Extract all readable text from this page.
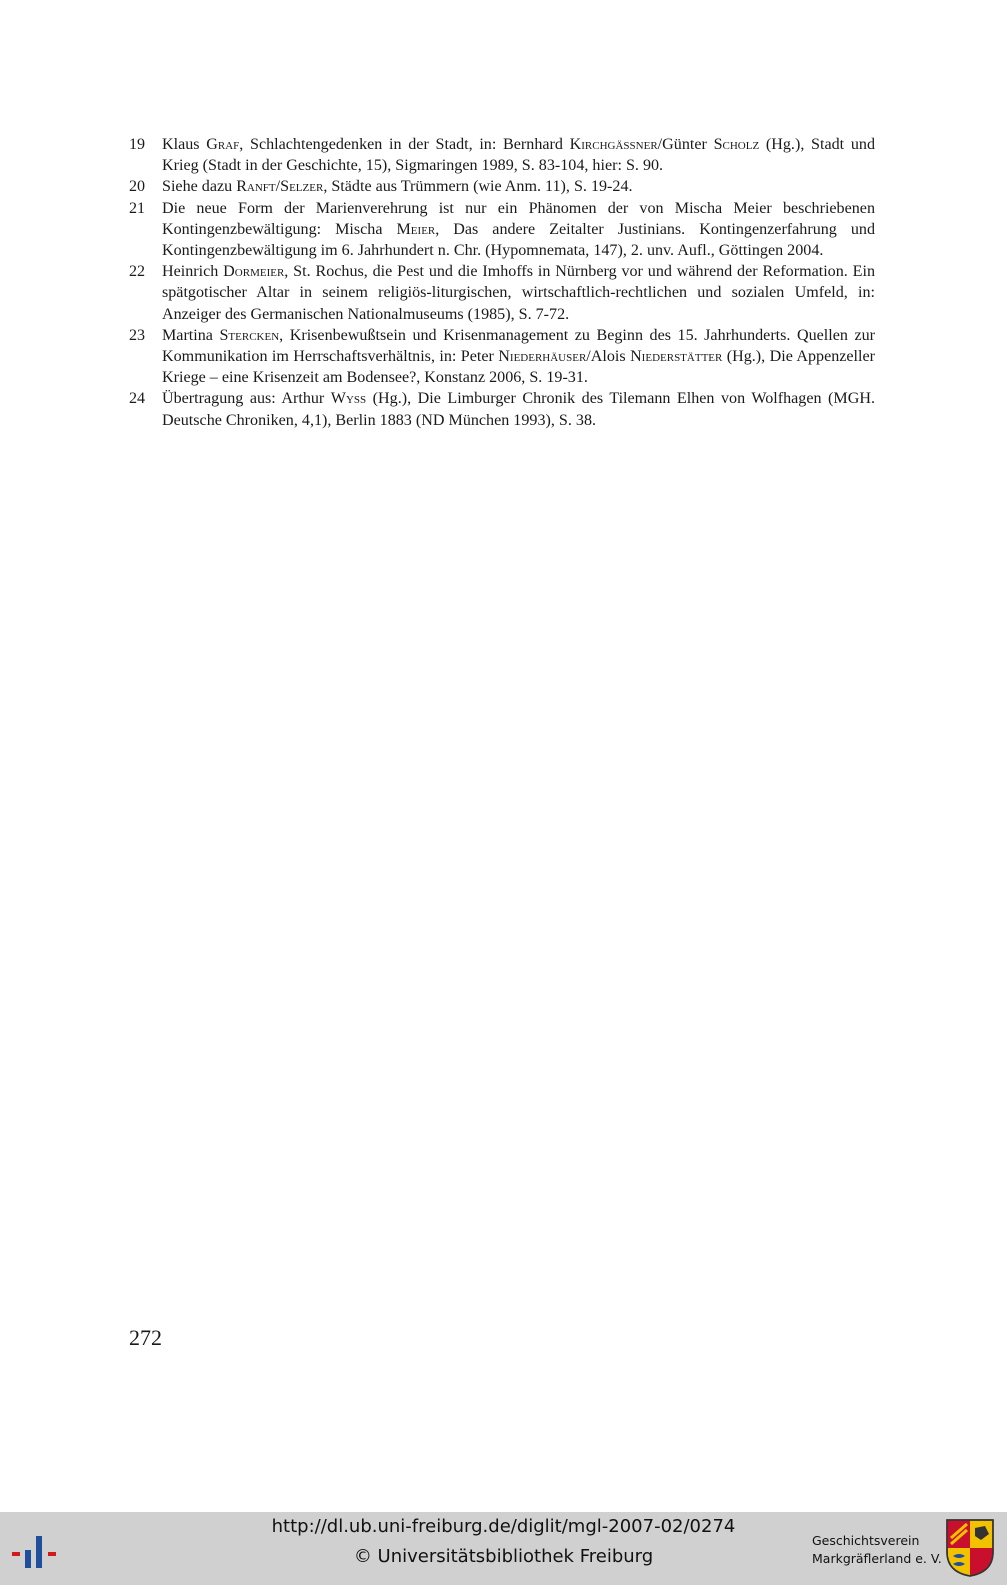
19	Klaus Graf, Schlachtengedenken in der Stadt, in: Bernhard Kirchgässner/Günter Scholz (Hg.), Stadt und Krieg (Stadt in der Geschichte, 15), Sigmaringen 1989, S. 83-104, hier: S. 90.
20	Siehe dazu Ranft/Selzer, Städte aus Trümmern (wie Anm. 11), S. 19-24.
21	Die neue Form der Marienverehrung ist nur ein Phänomen der von Mischa Meier beschriebenen Kontingenzbewältigung: Mischa Meier, Das andere Zeitalter Justinians. Kontingenzerfahrung und Kontingenzbewältigung im 6. Jahrhundert n. Chr. (Hypomnemata, 147), 2. unv. Aufl., Göttingen 2004.
22	Heinrich Dormeier, St. Rochus, die Pest und die Imhoffs in Nürnberg vor und während der Reformation. Ein spätgotischer Altar in seinem religiös-liturgischen, wirtschaftlich-rechtlichen und sozialen Umfeld, in: Anzeiger des Germanischen Nationalmuseums (1985), S. 7-72.
23	Martina Stercken, Krisenbewußtsein und Krisenmanagement zu Beginn des 15. Jahrhunderts. Quellen zur Kommunikation im Herrschaftsverhältnis, in: Peter Niederhäuser/Alois Niederstätter (Hg.), Die Appenzeller Kriege – eine Krisenzeit am Bodensee?, Konstanz 2006, S. 19-31.
24	Übertragung aus: Arthur Wyss (Hg.), Die Limburger Chronik des Tilemann Elhen von Wolfhagen (MGH. Deutsche Chroniken, 4,1), Berlin 1883 (ND München 1993), S. 38.
272
http://dl.ub.uni-freiburg.de/diglit/mgl-2007-02/0274
© Universitätsbibliothek Freiburg
Geschichtsverein
Markgräflerland e. V.
